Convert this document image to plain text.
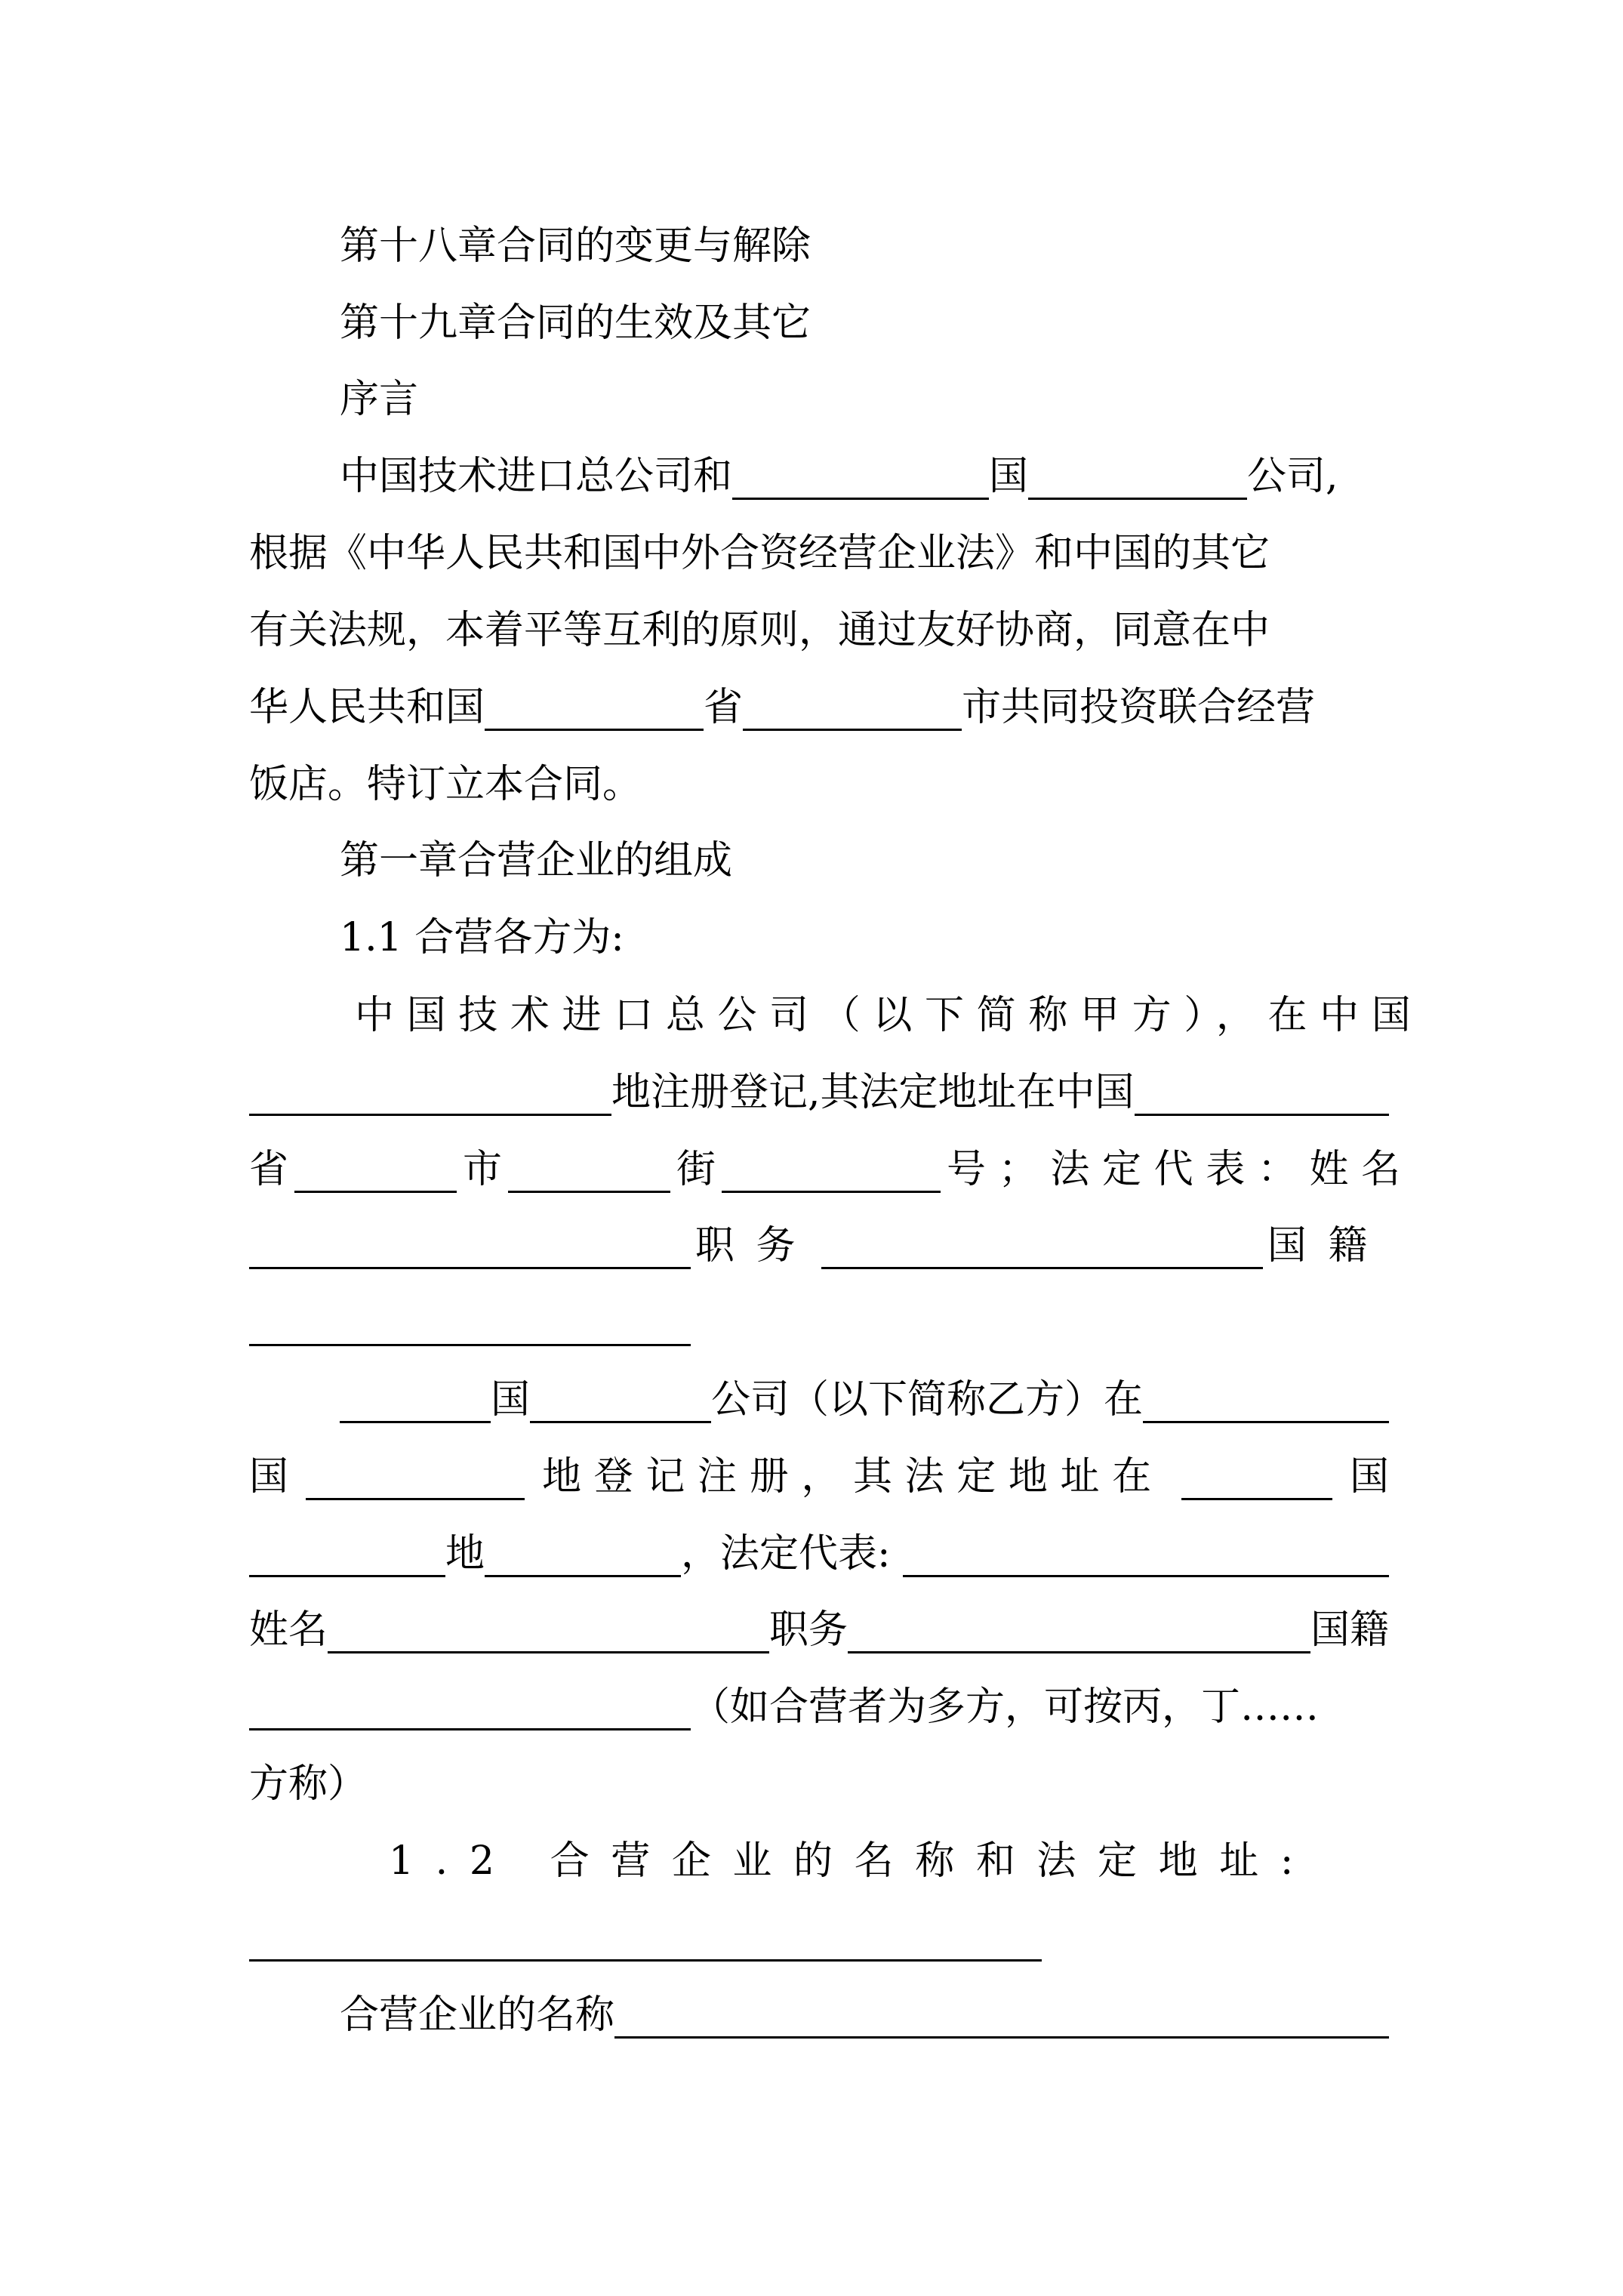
第十八章合同的变更与解除
第十九章合同的生效及其它
序言
中国技术进口总公司和	国	公司,
根据《中华人民共和国中外合资经营企业法》和中国的其它
有关法规，本着平等互利的原则，通过友好协商，同意在中
华人民共和国	省	市共同投资联合经营
饭店。特订立本合同。
第一章合营企业的组成
1.1 合营各方为:
中国技术进口总公司（以下简称甲方），在中国
地注册登记,其法定地址在中国
省	市	街	号；法定代表：姓名
职务	国籍
国	公司（以下简称乙方）在
国	地登记注册，其法定地址在	国
地	，法定代表:
姓名	职务	国籍
（如合营者为多方，可按丙，丁……
方称）
1.2 合营企业的名称和法定地址:
合营企业的名称
